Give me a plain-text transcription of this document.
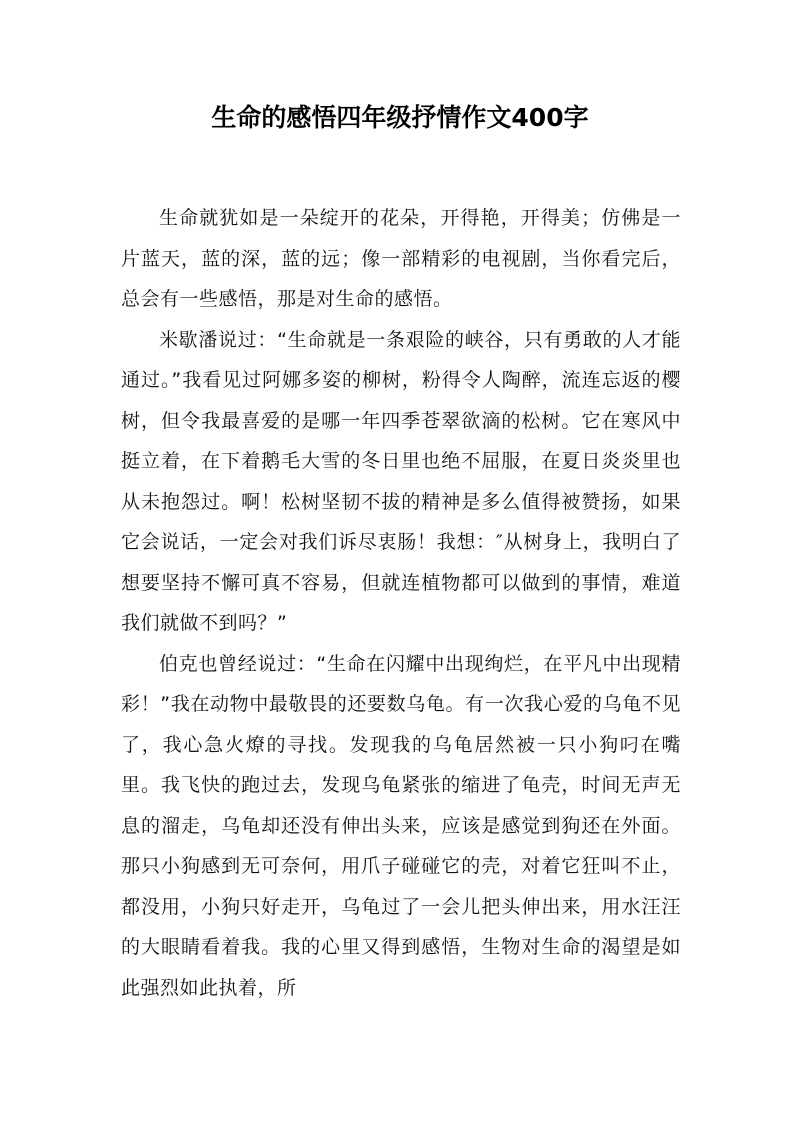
生命的感悟四年级抒情作文400字

生命就犹如是一朵绽开的花朵，开得艳，开得美；仿佛是一片蓝天，蓝的深，蓝的远；像一部精彩的电视剧，当你看完后，总会有一些感悟，那是对生命的感悟。

米歇潘说过：“生命就是一条艰险的峡谷，只有勇敢的人才能通过。”我看见过阿娜多姿的柳树，粉得令人陶醉，流连忘返的樱树，但令我最喜爱的是哪一年四季苍翠欲滴的松树。它在寒风中挺立着，在下着鹅毛大雪的冬日里也绝不屈服，在夏日炎炎里也从未抱怨过。啊！松树坚韧不拔的精神是多么值得被赞扬，如果它会说话，一定会对我们诉尽衷肠！我想：″从树身上，我明白了想要坚持不懈可真不容易，但就连植物都可以做到的事情，难道我们就做不到吗？”

伯克也曾经说过：“生命在闪耀中出现绚烂，在平凡中出现精彩！”我在动物中最敬畏的还要数乌龟。有一次我心爱的乌龟不见了，我心急火燎的寻找。发现我的乌龟居然被一只小狗叼在嘴里。我飞快的跑过去，发现乌龟紧张的缩进了龟壳，时间无声无息的溜走，乌龟却还没有伸出头来，应该是感觉到狗还在外面。那只小狗感到无可奈何，用爪子碰碰它的壳，对着它狂叫不止，都没用，小狗只好走开，乌龟过了一会儿把头伸出来，用水汪汪的大眼睛看着我。我的心里又得到感悟，生物对生命的渴望是如此强烈如此执着，所
